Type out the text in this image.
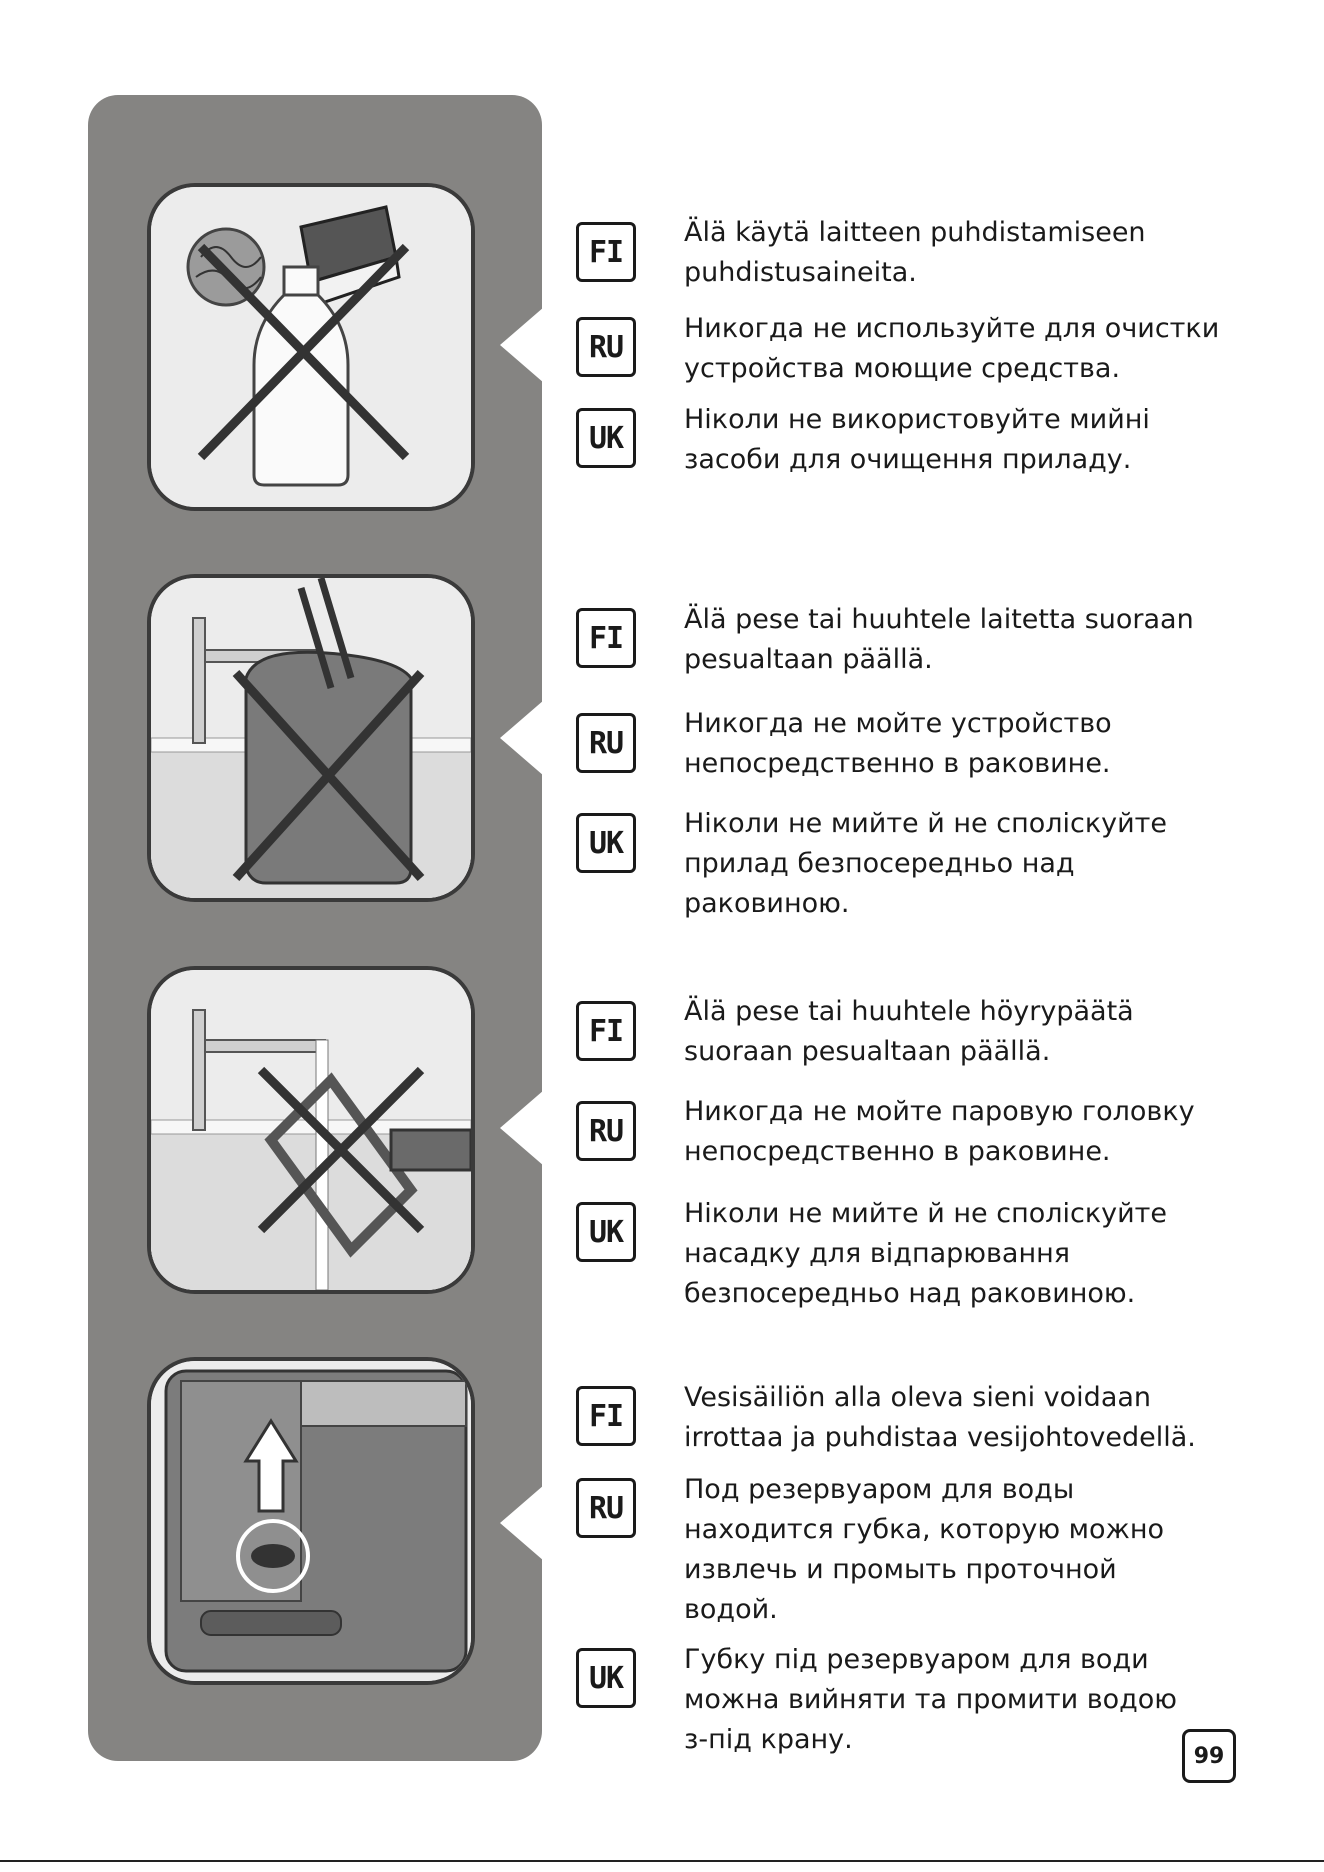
FI
Älä käytä laitteen puhdistamiseen
puhdistusaineita.
RU
Никогда не используйте для очистки
устройства моющие средства.
UK
Ніколи не використовуйте мийні
засоби для очищення приладу.
FI
Älä pese tai huuhtele laitetta suoraan
pesualtaan päällä.
RU
Никогда не мойте устройство
непосредственно в раковине.
UK
Ніколи не мийте й не споліскуйте
прилад безпосередньо над
раковиною.
FI
Älä pese tai huuhtele höyrypäätä
suoraan pesualtaan päällä.
RU
Никогда не мойте паровую головку
непосредственно в раковине.
UK
Ніколи не мийте й не споліскуйте
насадку для відпарювання
безпосередньо над раковиною.
FI
Vesisäiliön alla oleva sieni voidaan
irrottaa ja puhdistaa vesijohtovedellä.
RU
Под резервуаром для воды
находится губка, которую можно
извлечь и промыть проточной
водой.
UK
Губку під резервуаром для води
можна вийняти та промити водою
з-під крану.
99
